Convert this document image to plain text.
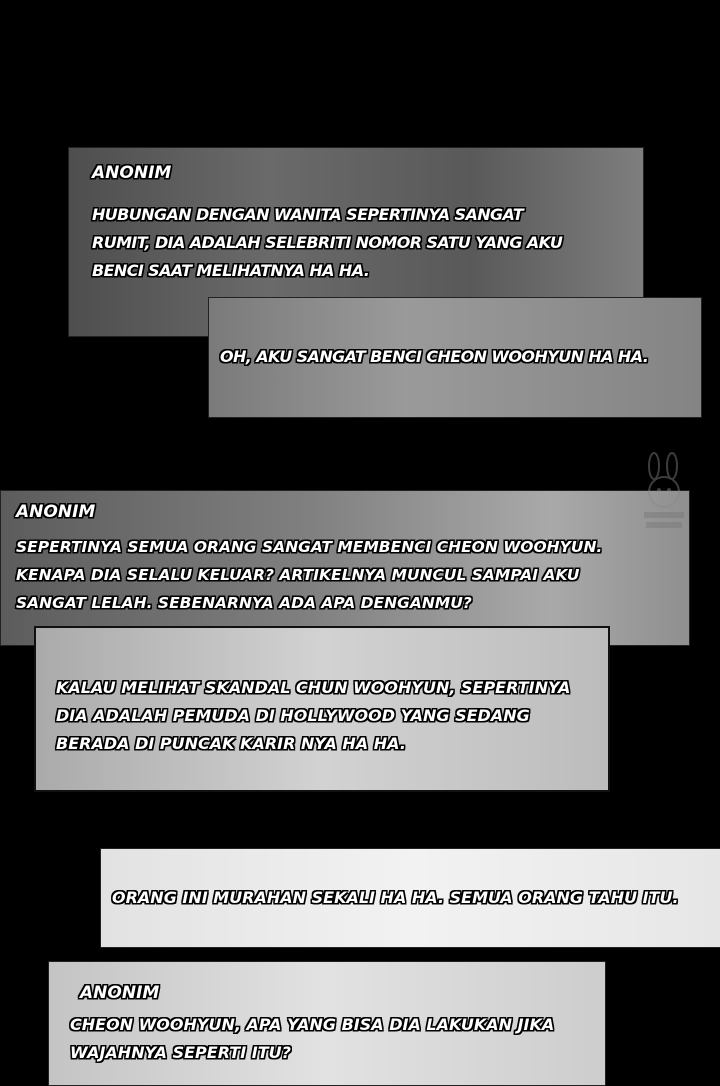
ANONIM

HUBUNGAN DENGAN WANITA SEPERTINYA SANGAT
RUMIT, DIA ADALAH SELEBRITI NOMOR SATU YANG AKU
BENCI SAAT MELIHATNYA HA HA.
OH, AKU SANGAT BENCI CHEON WOOHYUN HA HA.

ANONIM

SEPERTINYA SEMUA ORANG SANGAT MEMBENCI CHEON WOOHYUN.
KENAPA DIA SELALU KELUAR? ARTIKELNYA MUNCUL SAMPAI AKU
SANGAT LELAH. SEBENARNYA ADA APA DENGANMU?
KALAU MELIHAT SKANDAL CHUN WOOHYUN, SEPERTINYA
DIA ADALAH PEMUDA DI HOLLYWOOD YANG SEDANG
BERADA DI PUNCAK KARIR NYA HA HA.
ORANG INI MURAHAN SEKALI HA HA. SEMUA ORANG TAHU ITU.

ANONIM

CHEON WOOHYUN, APA YANG BISA DIA LAKUKAN JIKA
WAJAHNYA SEPERTI ITU?
